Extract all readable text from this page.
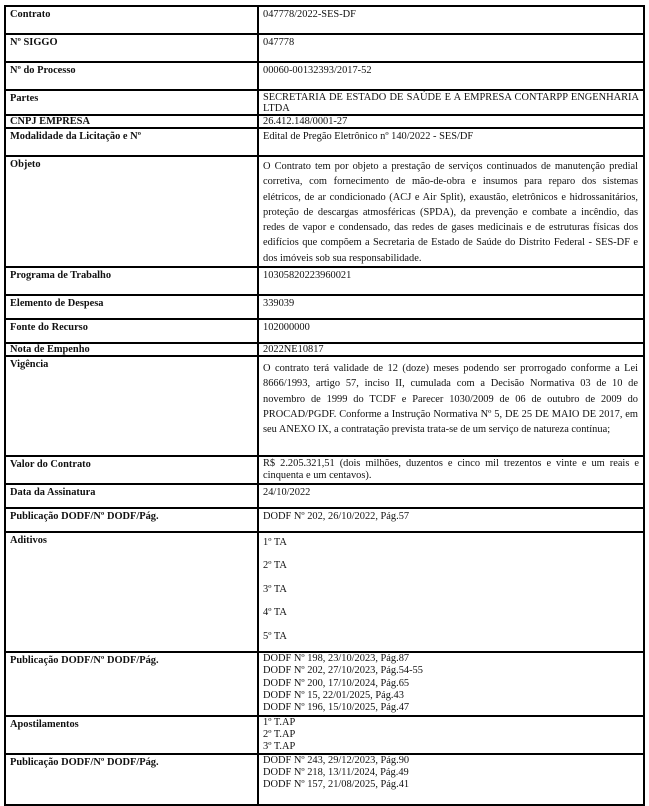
Contrato	047778/2022-SES-DF
Nº SIGGO	047778
Nº do Processo	00060-00132393/2017-52
Partes	SECRETARIA DE ESTADO DE SAÚDE E A EMPRESA CONTARPP ENGENHARIA LTDA
CNPJ EMPRESA	26.412.148/0001-27
Modalidade da Licitação e Nº	Edital de Pregão Eletrônico nº 140/2022 - SES/DF
Objeto	O Contrato tem por objeto a prestação de serviços continuados de manutenção predial corretiva, com fornecimento de mão-de-obra e insumos para reparo dos sistemas elétricos, de ar condicionado (ACJ e Air Split), exaustão, eletrônicos e hidrossanitários, proteção de descargas atmosféricas (SPDA), da prevenção e combate a incêndio, das redes de vapor e condensado, das redes de gases medicinais e de estruturas físicas dos edifícios que compõem a Secretaria de Estado de Saúde do Distrito Federal - SES-DF e dos imóveis sob sua responsabilidade.
Programa de Trabalho	10305820223960021
Elemento de Despesa	339039
Fonte do Recurso	102000000
Nota de Empenho	2022NE10817
Vigência	O contrato terá validade de 12 (doze) meses podendo ser prorrogado conforme a Lei 8666/1993, artigo 57, inciso II, cumulada com a Decisão Normativa 03 de 10 de novembro de 1999 do TCDF e Parecer 1030/2009 de 06 de outubro de 2009 do PROCAD/PGDF. Conforme a Instrução Normativa Nº 5, DE 25 DE MAIO DE 2017, em seu ANEXO IX, a contratação prevista trata-se de um serviço de natureza contínua;
Valor do Contrato	R$ 2.205.321,51 (dois milhões, duzentos e cinco mil trezentos e vinte e um reais e cinquenta e um centavos).
Data da Assinatura	24/10/2022
Publicação DODF/Nº DODF/Pág.	DODF Nº 202, 26/10/2022, Pág.57
Aditivos	1º TA
2º TA
3º TA
4º TA
5º TA

Publicação DODF/Nº DODF/Pág.	DODF Nº 198, 23/10/2023, Pág.87
DODF Nº 202, 27/10/2023, Pág.54-55
DODF Nº 200, 17/10/2024, Pág.65
DODF Nº 15, 22/01/2025, Pág.43
DODF Nº 196, 15/10/2025, Pág.47

Apostilamentos	1º T.AP
2º T.AP
3º T.AP

Publicação DODF/Nº DODF/Pág.	DODF Nº 243, 29/12/2023, Pág.90
DODF Nº 218, 13/11/2024, Pág.49
DODF Nº 157, 21/08/2025, Pág.41
